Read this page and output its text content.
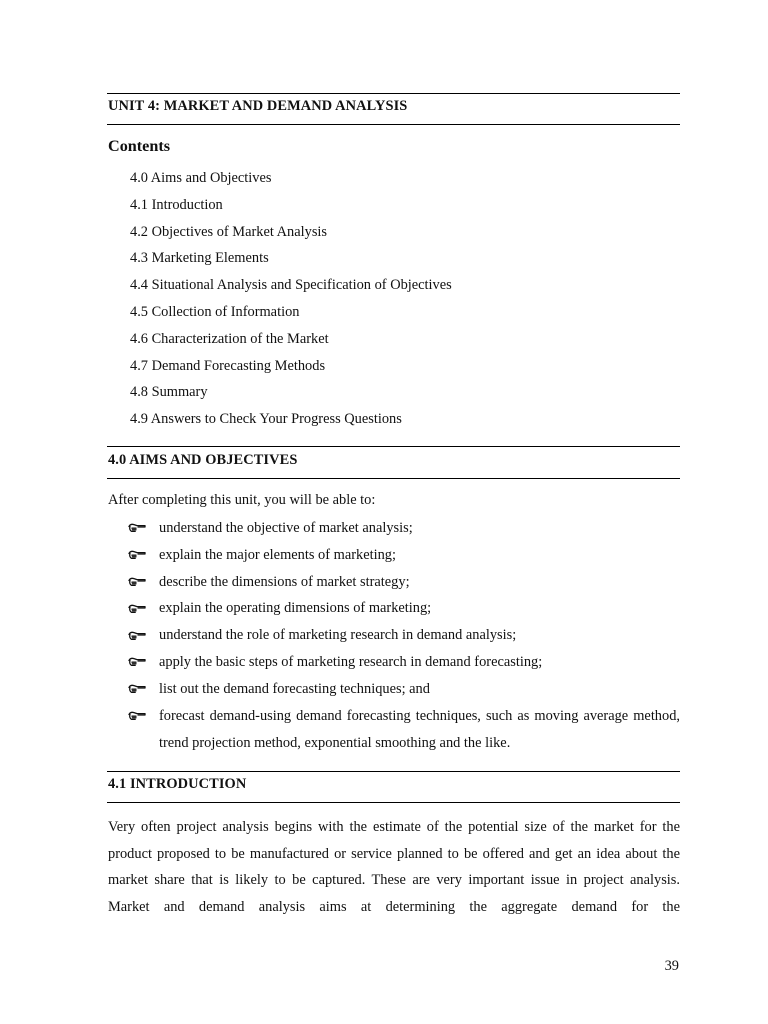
UNIT 4: MARKET AND DEMAND ANALYSIS
Contents
4.0 Aims and Objectives
4.1 Introduction
4.2 Objectives of Market Analysis
4.3 Marketing Elements
4.4 Situational Analysis and Specification of Objectives
4.5 Collection of Information
4.6 Characterization of the Market
4.7 Demand Forecasting Methods
4.8 Summary
4.9 Answers to Check Your Progress Questions
4.0 AIMS AND OBJECTIVES

After completing this unit, you will be able to:

understand the objective of market analysis;
explain the major elements of marketing;
describe the dimensions of market strategy;
explain the operating dimensions of marketing;
understand the role of marketing research in demand analysis;
apply the basic steps of marketing research in demand forecasting;
list out the demand forecasting techniques; and
forecast demand-using demand forecasting techniques, such as moving average method, trend projection method, exponential smoothing and the like.
4.1 INTRODUCTION

Very often project analysis begins with the estimate of the potential size of the market for the product proposed to be manufactured or service planned to be offered and get an idea about the market share that is likely to be captured. These are very important issue in project analysis. Market and demand analysis aims at determining the aggregate demand for the

39
